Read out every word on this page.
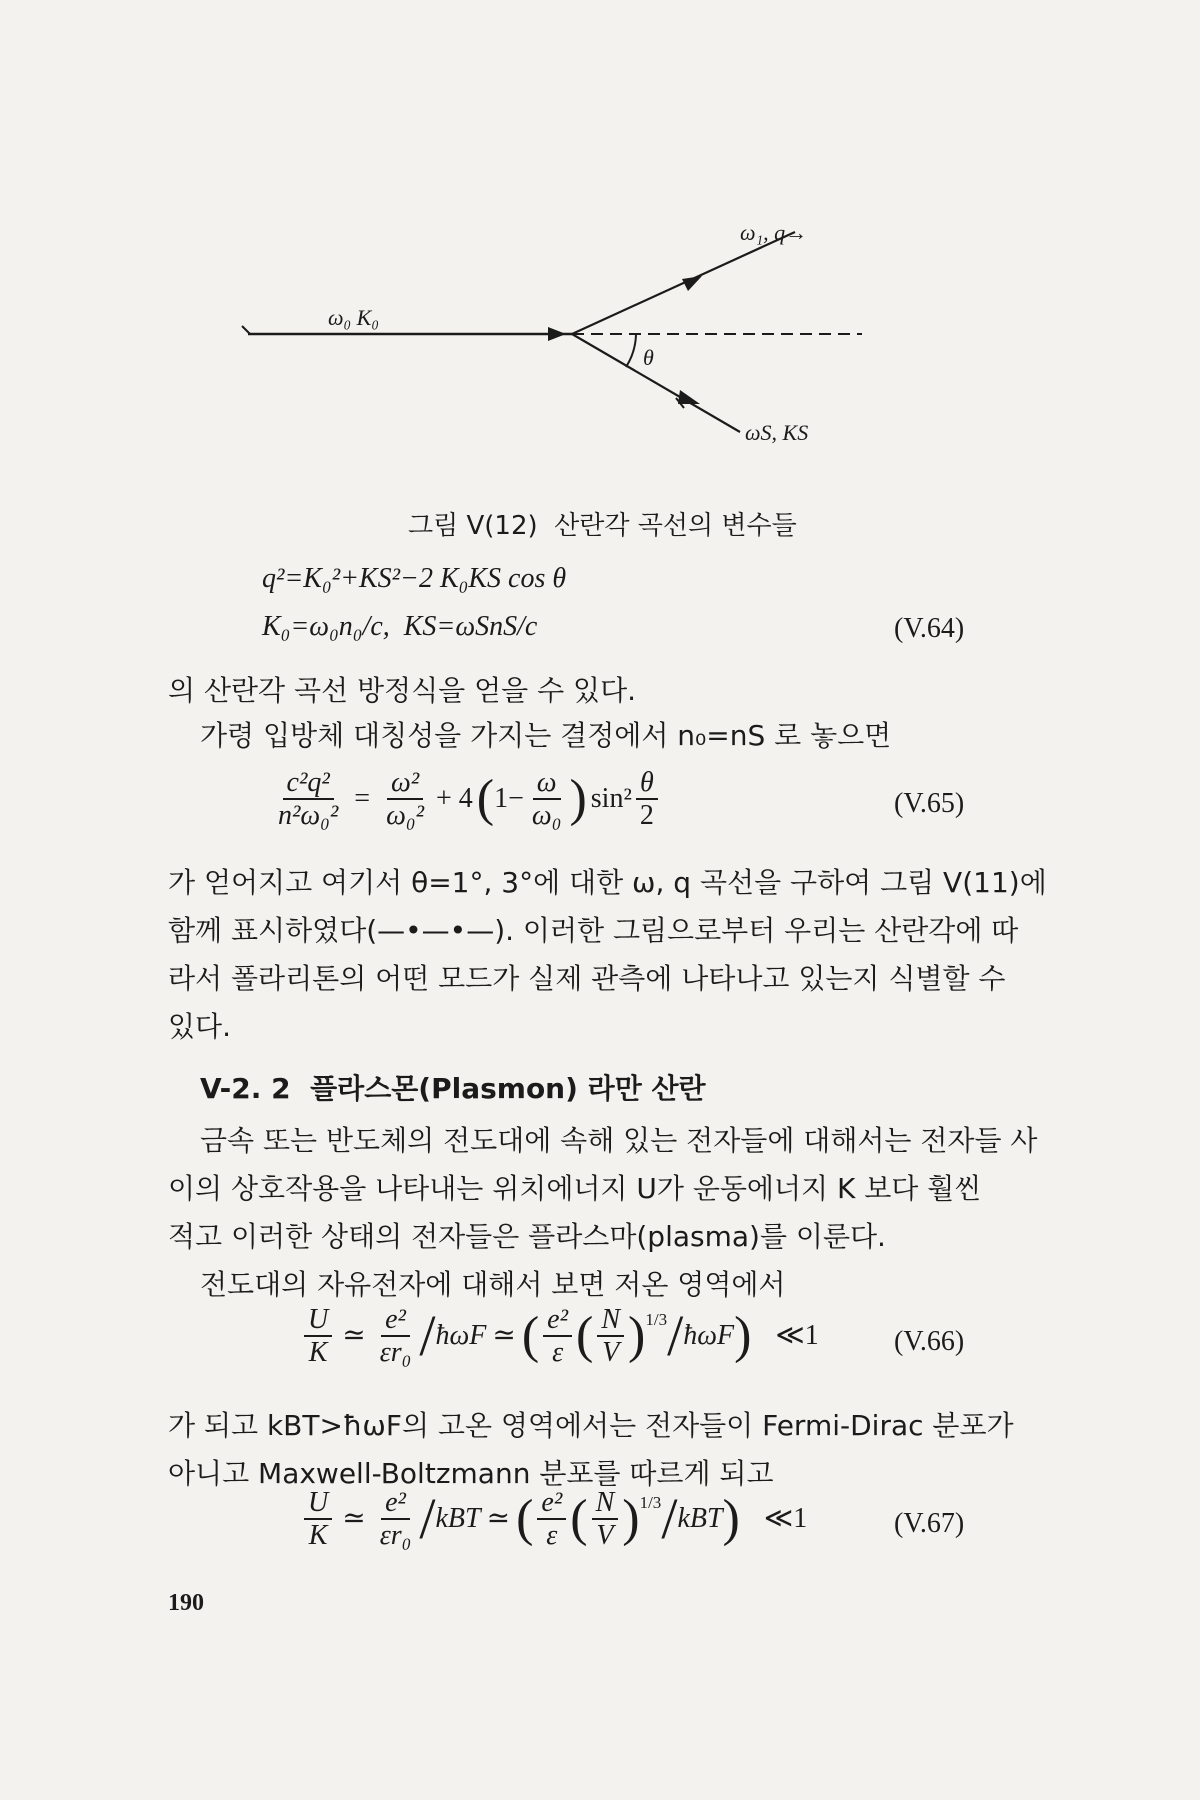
ω₀ K₀
ω₁, q→
θ
ωS, KS
그림 V(12)  산란각 곡선의 변수들
q²=K₀²+KS²−2 K₀KS cos θ
K₀=ω₀n₀/c,  KS=ωSnS/c	(V.64)
의 산란각 곡선 방정식을 얻을 수 있다.
가령 입방체 대칭성을 가지는 결정에서 n₀=nS 로 놓으면
$\frac{\text{c²q²}}{\text{n²ω₀²}} = \frac{\text{ω²}}{\text{ω₀²}} + 4$ ( $1- \frac{\omega}{\text{ω₀}}$ ) $\sin^2 \frac{\theta}{2}$	(V.65)
가 얻어지고 여기서 θ=1°, 3°에 대한 ω, q 곡선을 구하여 그림 V(11)에
함께 표시하였다(—•—•—). 이러한 그림으로부터 우리는 산란각에 따
라서 폴라리톤의 어떤 모드가 실제 관측에 나타나고 있는지 식별할 수
있다.
V-2. 2  플라스몬(Plasmon) 라만 산란
금속 또는 반도체의 전도대에 속해 있는 전자들에 대해서는 전자들 사
이의 상호작용을 나타내는 위치에너지 U가 운동에너지 K 보다 훨씬
적고 이러한 상태의 전자들은 플라스마(plasma)를 이룬다.
전도대의 자유전자에 대해서 보면 저온 영역에서
$\frac{U}{K}$ ≃ $\frac{\text{e²}}{\text{εr₀}}$ / ħωF ≃ ( $\frac{\text{e²}}{\varepsilon}$ ( $\frac{N}{V}$ ) 1/3 / ħωF ) ≪1	(V.66)
가 되고 kBT>ħωF의 고온 영역에서는 전자들이 Fermi-Dirac 분포가
아니고 Maxwell-Boltzmann 분포를 따르게 되고
$\frac{U}{K}$ ≃ $\frac{\text{e²}}{\text{εr₀}}$ / kBT ≃ ( $\frac{\text{e²}}{\varepsilon}$ ( $\frac{N}{V}$ ) 1/3 / kBT ) ≪1	(V.67)
190
